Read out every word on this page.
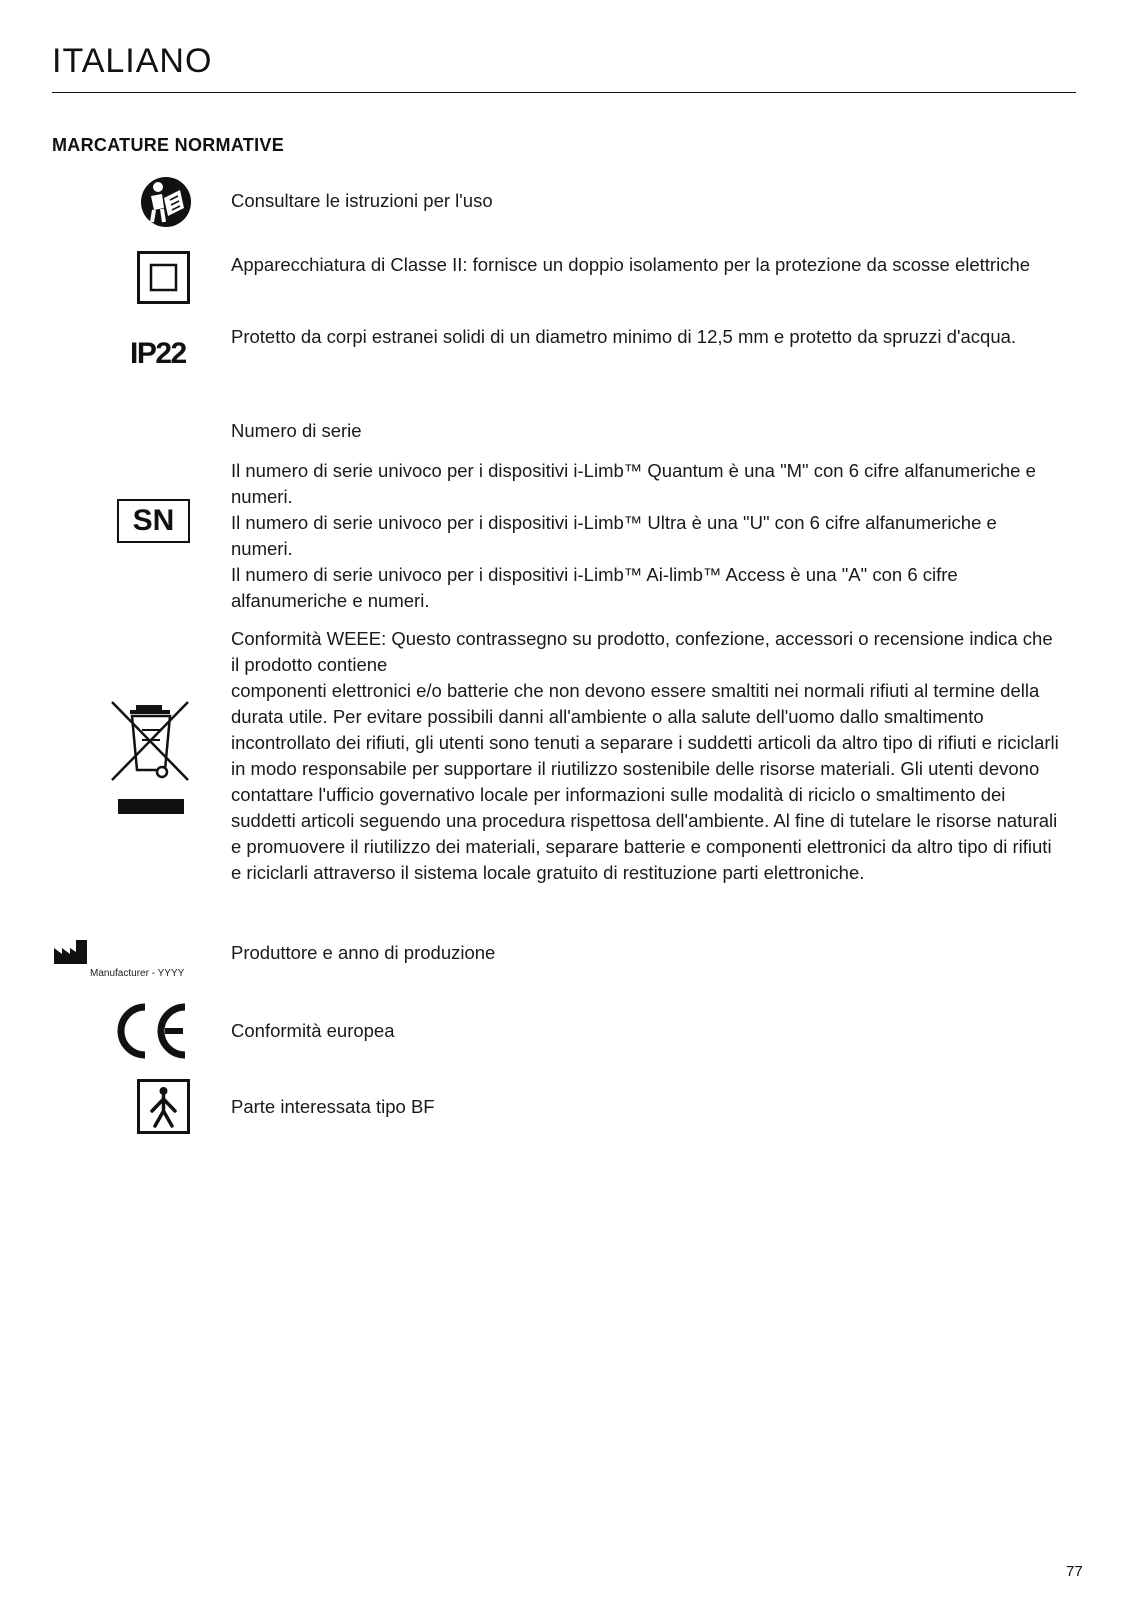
ITALIANO
MARCATURE NORMATIVE
Consultare le istruzioni per l'uso
Apparecchiatura di Classe II: fornisce un doppio isolamento per la protezione da scosse elettriche
IP22
Protetto da corpi estranei solidi di un diametro minimo di 12,5 mm e protetto da spruzzi d'acqua.
Numero di serie
SN

Il numero di serie univoco per i dispositivi i-Limb™ Quantum è una "M" con 6 cifre alfanumeriche e numeri.

Il numero di serie univoco per i dispositivi i-Limb™ Ultra è una "U" con 6 cifre alfanumeriche e numeri.

Il numero di serie univoco per i dispositivi i-Limb™ Ai-limb™ Access è una "A" con 6 cifre alfanumeriche e numeri.

Conformità WEEE: Questo contrassegno su prodotto, confezione, accessori o recensione indica che il prodotto contiene

componenti elettronici e/o batterie che non devono essere smaltiti nei normali rifiuti al termine della durata utile. Per evitare possibili danni all'ambiente o alla salute dell'uomo dallo smaltimento incontrollato dei rifiuti, gli utenti sono tenuti a separare i suddetti articoli da altro tipo di rifiuti e riciclarli in modo responsabile per supportare il riutilizzo sostenibile delle risorse materiali. Gli utenti devono contattare l'ufficio governativo locale per informazioni sulle modalità di riciclo o smaltimento dei suddetti articoli seguendo una procedura rispettosa dell'ambiente. Al fine di tutelare le risorse naturali e promuovere il riutilizzo dei materiali, separare batterie e componenti elettronici da altro tipo di rifiuti e riciclarli attraverso il sistema locale gratuito di restituzione parti elettroniche.

Manufacturer - YYYY
Produttore e anno di produzione
Conformità europea
Parte interessata tipo BF
77
